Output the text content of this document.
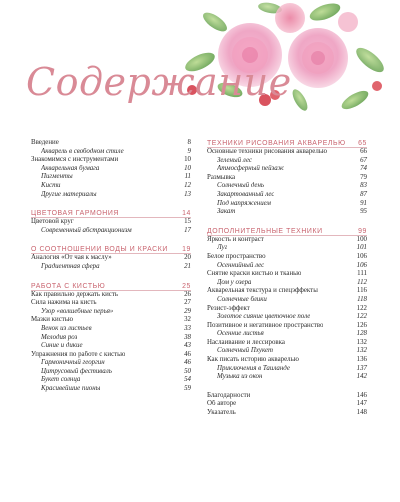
Содержание
Введение	8
Акварель в свободном стиле	9
Знакомимся с инструментами	10
Акварельная бумага	10
Пигменты	11
Кисти	12
Другие материалы	13
ЦВЕТОВАЯ ГАРМОНИЯ	14
Цветовой круг	15
Современный абстракционизм	17
О СООТНОШЕНИИ ВОДЫ И КРАСКИ 19
Аналогия «От чая к маслу»	20
Градиентная сфера	21
РАБОТА С КИСТЬЮ	25
Как правильно держать кисть	26
Сила нажима на кисть	27
Узор «волшебные перья»	29
Мазки кистью	32
Венок из листьев	33
Мелодия роз	38
Синие и дикие	43
Упражнения по работе с кистью	46
Гармоничный георгин	46
Цитрусовый фестиваль	50
Букет солнца	54
Красивейшие пионы	59
ТЕХНИКИ РИСОВАНИЯ АКВАРЕЛЬЮ 65
Основные техники рисования акварелью	66
Зеленый лес	67
Атмосферный пейзаж	74
Размывка	79
Солнечный день	83
Закартованный лес	87
Под напряжением	91
Закат	95
ДОПОЛНИТЕЛЬНЫЕ ТЕХНИКИ	99
Яркость и контраст	100
Луг	101
Белое пространство	106
Осеннийный лес	106
Снятие краски кистью и тканью	111
Дом у озера	112
Акварельная текстура и спецэффекты	116
Солнечные блики	118
Резист-эффект	122
Золотое сияние цветочное поле	122
Позитивное и негативное пространство	126
Осенние листья	128
Наслаивание и лессировка	132
Солнечный Пхукет	132
Как писать историю акварелью	136
Приключения в Таиланде	137
Музыка из окон	142
Благодарности	146
Об авторе	147
Указатель	148
